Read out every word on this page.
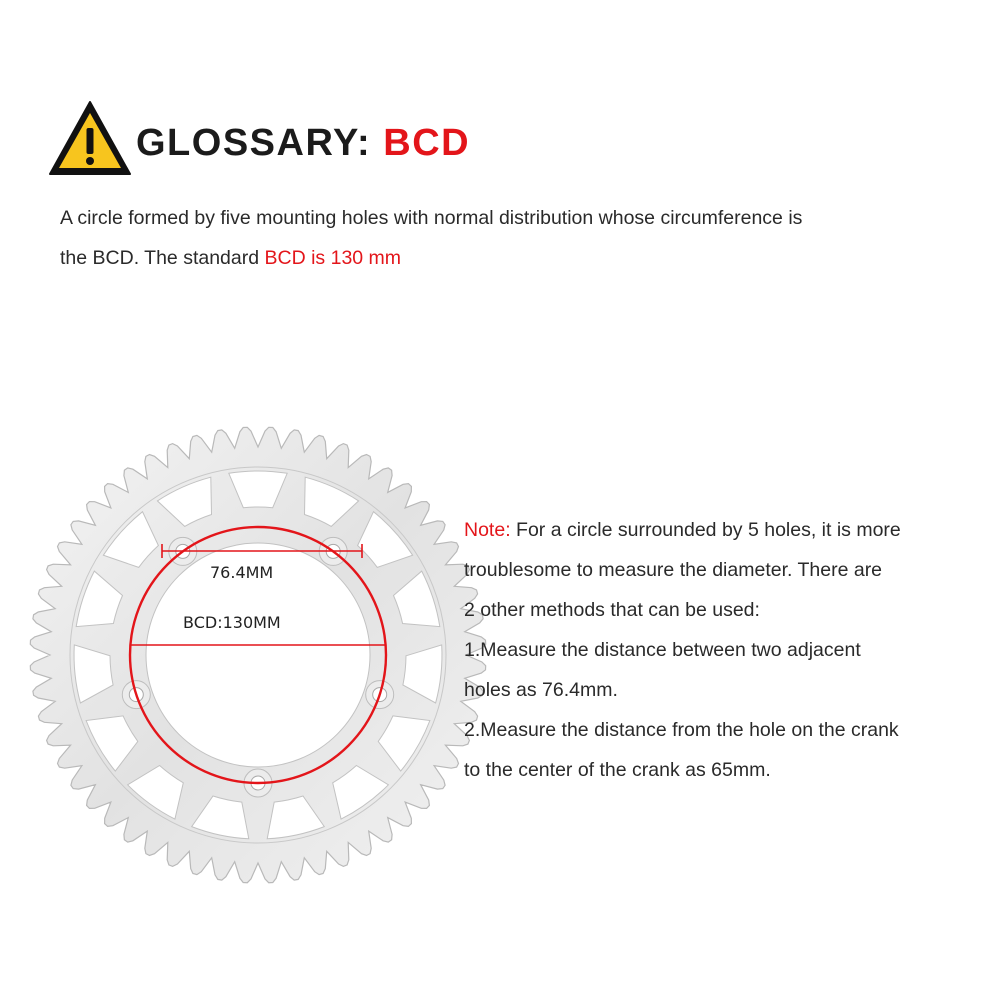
GLOSSARY: BCD

A circle formed by five mounting holes with normal distribution whose circumference is
the BCD. The standard BCD is 130 mm

76.4MM
BCD:130MM
Note: For a circle surrounded by 5 holes, it is more
troublesome to measure the diameter. There are
2 other methods that can be used:
1.Measure the distance between two adjacent
holes as 76.4mm.
2.Measure the distance from the hole on the crank
to the center of the crank as 65mm.
